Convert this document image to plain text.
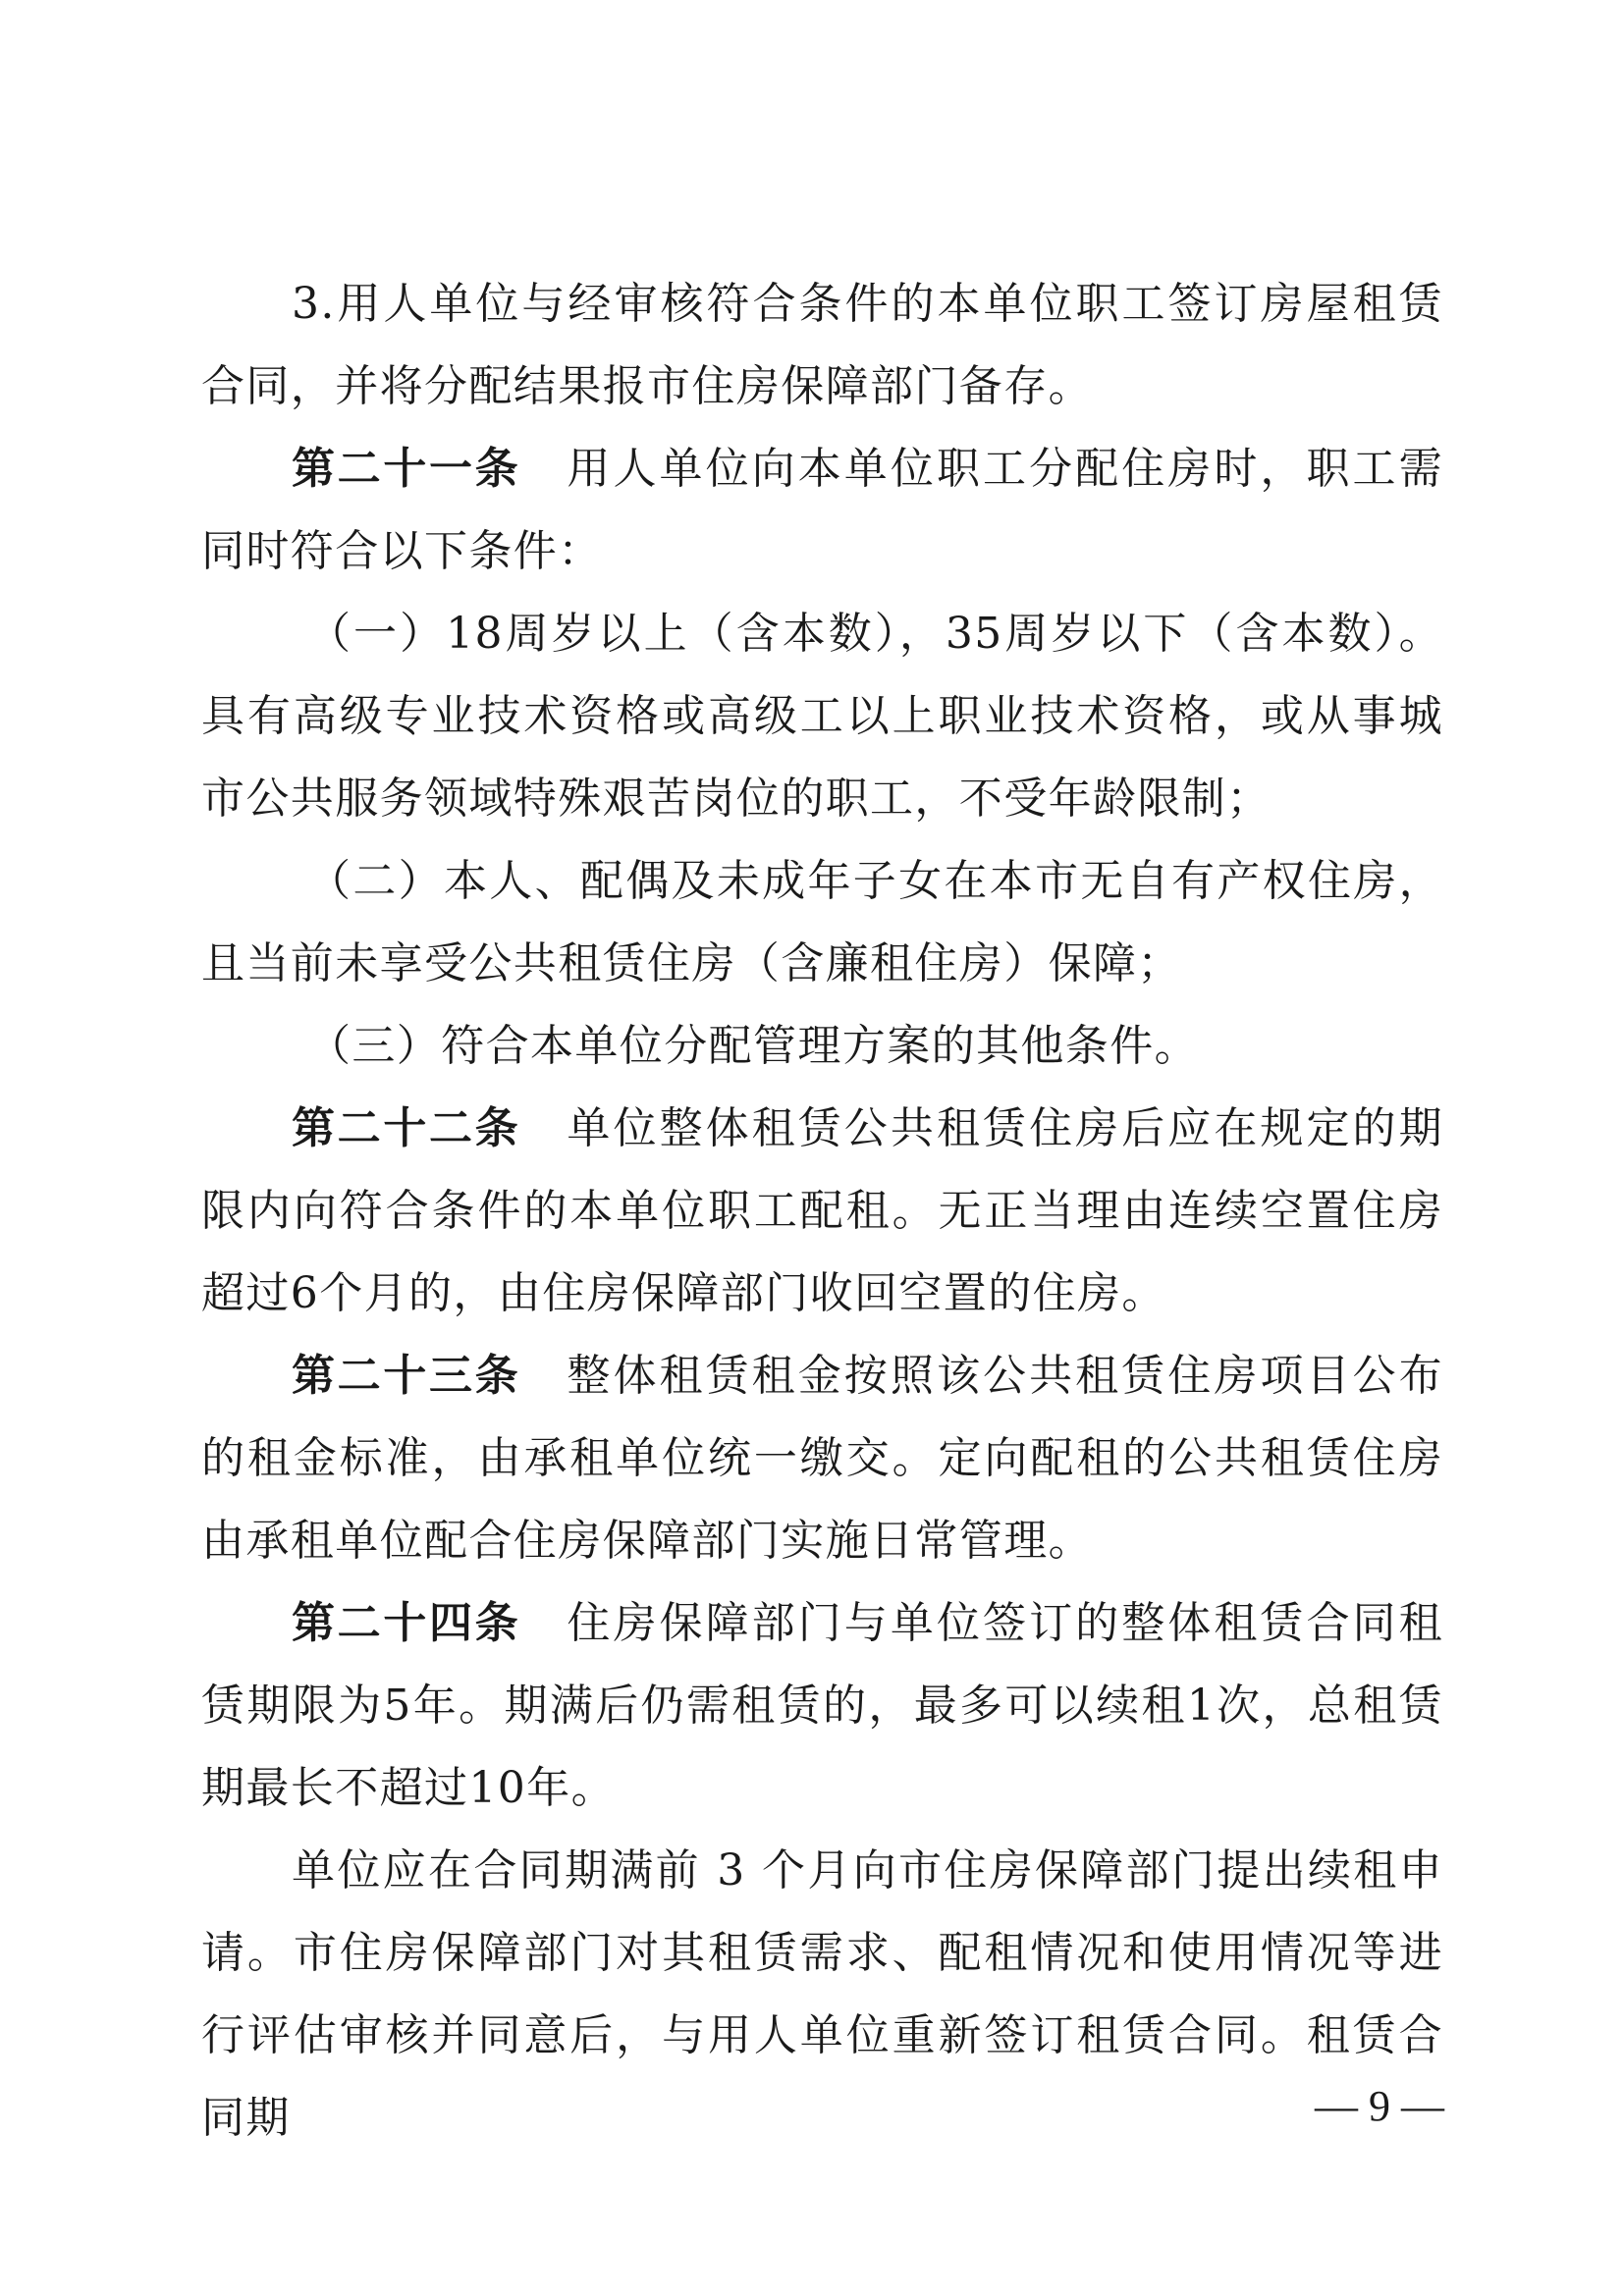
3.用人单位与经审核符合条件的本单位职工签订房屋租赁合同，并将分配结果报市住房保障部门备存。

第二十一条  用人单位向本单位职工分配住房时，职工需同时符合以下条件：

（一）18周岁以上（含本数），35周岁以下（含本数）。具有高级专业技术资格或高级工以上职业技术资格，或从事城市公共服务领域特殊艰苦岗位的职工，不受年龄限制；

（二）本人、配偶及未成年子女在本市无自有产权住房，且当前未享受公共租赁住房（含廉租住房）保障；

（三）符合本单位分配管理方案的其他条件。

第二十二条  单位整体租赁公共租赁住房后应在规定的期限内向符合条件的本单位职工配租。无正当理由连续空置住房超过6个月的，由住房保障部门收回空置的住房。

第二十三条  整体租赁租金按照该公共租赁住房项目公布的租金标准，由承租单位统一缴交。定向配租的公共租赁住房由承租单位配合住房保障部门实施日常管理。

第二十四条  住房保障部门与单位签订的整体租赁合同租赁期限为5年。期满后仍需租赁的，最多可以续租1次，总租赁期最长不超过10年。

单位应在合同期满前 3 个月向市住房保障部门提出续租申请。市住房保障部门对其租赁需求、配租情况和使用情况等进行评估审核并同意后，与用人单位重新签订租赁合同。租赁合同期	— 9 —
